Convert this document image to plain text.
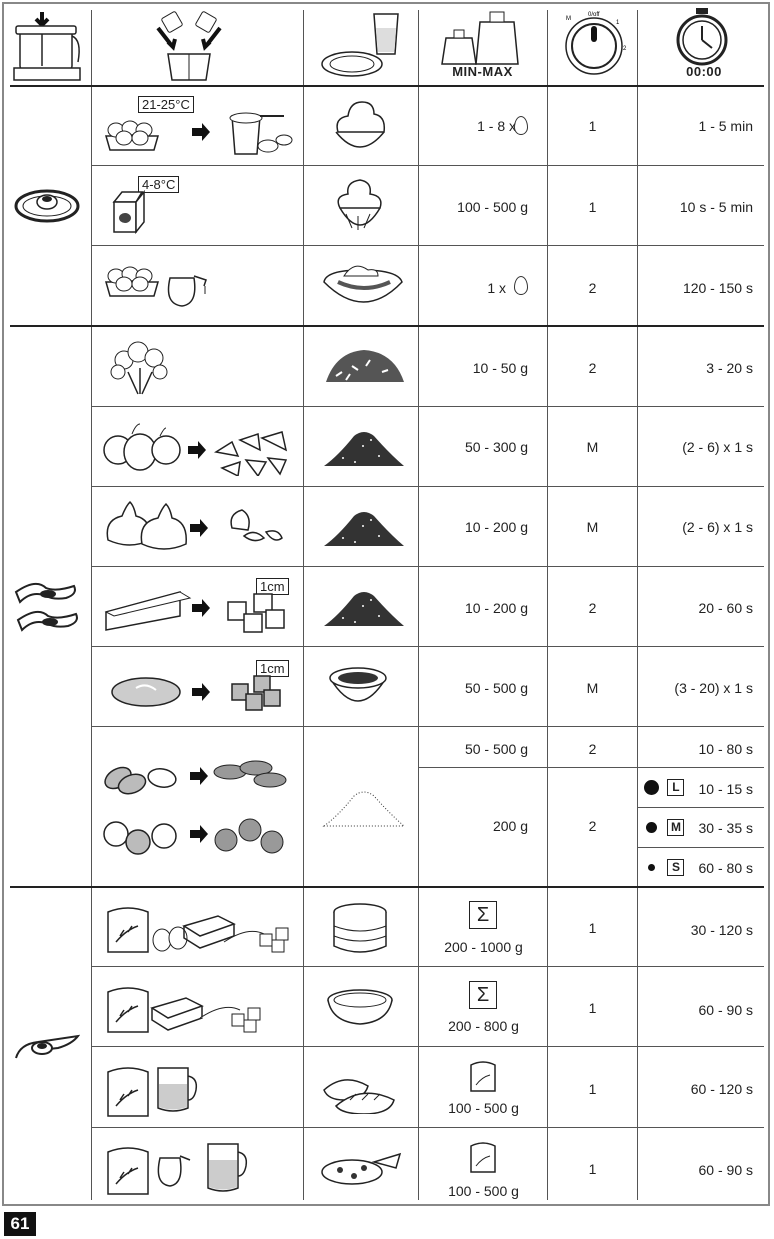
MIN-MAX
M
0/off
1
2
00:00
21-25°C
1 - 8 x	1	1 - 5 min
4-8°C
100 - 500 g	1	10 s - 5 min
1 x	2	120 - 150 s
10 - 50 g	2	3 - 20 s
50 - 300 g	M	(2 - 6) x 1 s
10 - 200 g	M	(2 - 6) x 1 s
1cm
10 - 200 g	2	20 - 60 s
1cm
50 - 500 g	M	(3 - 20) x 1 s
50 - 500 g	2	10 - 80 s
200 g	2
L	10 - 15 s
M	30 - 35 s
S	60 - 80 s
Σ
200 - 1000 g
1	30 - 120 s
Σ
200 - 800 g
1	60 - 90 s
100 - 500 g
1	60 - 120 s
100 - 500 g
1	60 - 90 s
61
